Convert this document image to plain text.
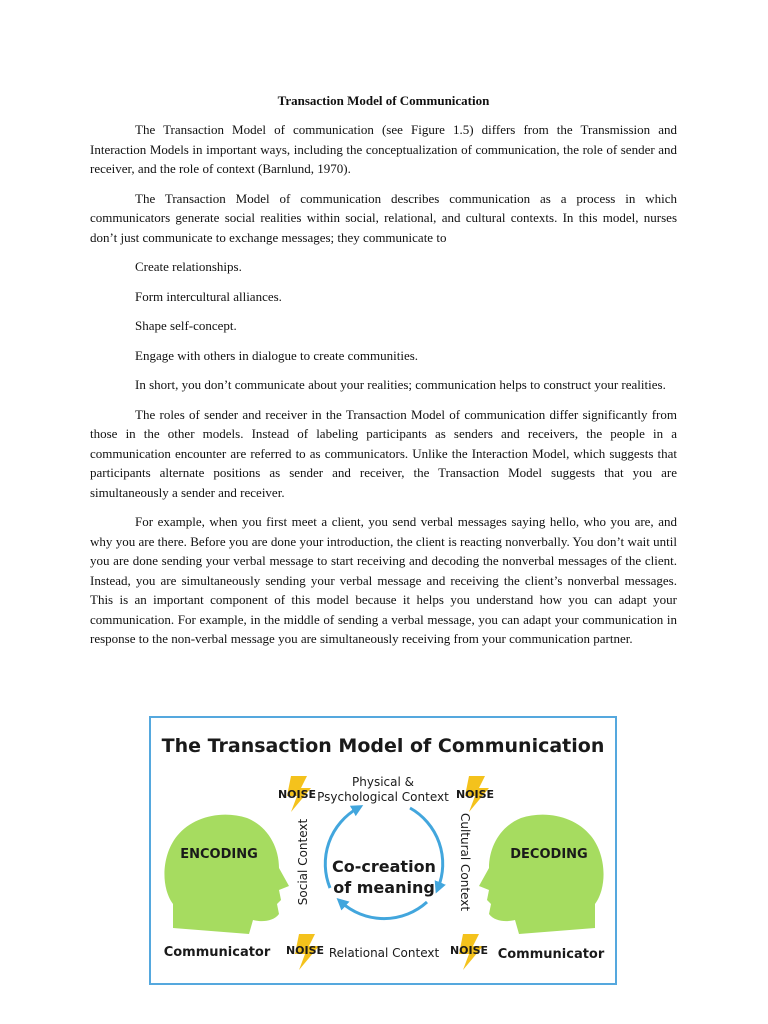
Transaction Model of Communication

The Transaction Model of communication (see Figure 1.5) differs from the Transmission and Interaction Models in important ways, including the conceptualization of communication, the role of sender and receiver, and the role of context (Barnlund, 1970).

The Transaction Model of communication describes communication as a process in which communicators generate social realities within social, relational, and cultural contexts. In this model, nurses don’t just communicate to exchange messages; they communicate to

Create relationships.

Form intercultural alliances.

Shape self-concept.

Engage with others in dialogue to create communities.

In short, you don’t communicate about your realities; communication helps to construct your realities.

The roles of sender and receiver in the Transaction Model of communication differ significantly from those in the other models. Instead of labeling participants as senders and receivers, the people in a communication encounter are referred to as communicators. Unlike the Interaction Model, which suggests that participants alternate positions as sender and receiver, the Transaction Model suggests that you are simultaneously a sender and receiver.

For example, when you first meet a client, you send verbal messages saying hello, who you are, and why you are there. Before you are done your introduction, the client is reacting nonverbally. You don’t wait until you are done sending your verbal message to start receiving and decoding the nonverbal messages of the client. Instead, you are simultaneously sending your verbal message and receiving the client’s nonverbal messages. This is an important component of this model because it helps you understand how you can adapt your communication. For example, in the middle of sending a verbal message, you can adapt your communication in response to the non-verbal message you are simultaneously receiving from your communication partner.

The Transaction Model of Communication
ENCODING	DECODING
Communicator	Communicator
Co-creation
of meaning
Physical &
Psychological Context
Social Context	Cultural Context
Relational Context
NOISE	NOISE
NOISE	NOISE
